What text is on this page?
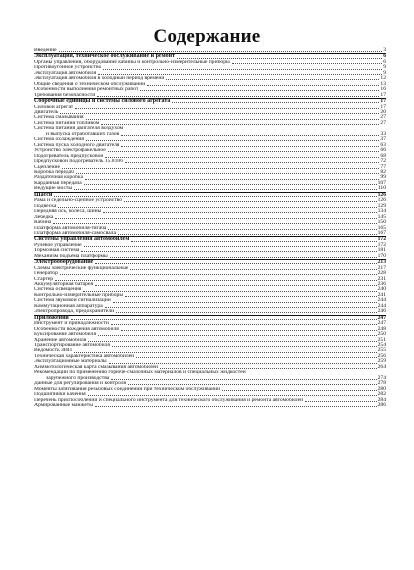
Содержание
Введение	3
Эксплуатация, техническое обслуживание и ремонт	6
Органы управления, оборудование кабины и контрольно-измерительные приборы	6
Противоугонное устройство	9
Эксплуатация автомобиля	9
Эксплуатация автомобиля в холодный период времени	12
Общие сведения о техническом обслуживании	13
Особенности выполнения ремонтных работ	16
Требования безопасности	17
Сборочные единицы и системы силового агрегата	17
Силовой агрегат	17
Двигатель	20
Система смазывания	27
Система питания топливом	27
Система питания двигателя воздухом
и выпуска отработавших газов	33
Система охлаждения	37
Система пуска холодного двигателя	63
Устройство электрофакельное	66
Подогреватель предпусковой	68
Предпусковой подогреватель 15.8106	72
Сцепление	77
Коробка передач	82
Раздаточная коробка	99
Карданная передача	107
Ведущие мосты	110
Шасси	126
Рама и седельно-сцепное устройство	126
Подвеска	129
Передняя ось, колеса, шины	134
Лебедка	145
Кабина	150
Платформа автомобиля-тягача	165
Платформа автомобиля-самосвала	167
Системы управления автомобилем	172
Рулевое управление	172
Тормозная система	181
Механизм подъема платформы	170
Электрооборудование	213
Схемы электрические функциональные	217
Генератор	228
Стартер	231
Аккумуляторная батарея	236
Система освещения	240
Контрольно-измерительные приборы	241
Система звуковой сигнализации	244
Коммутационная аппаратура	244
Электропровода, предохранители	246
Приложения	247
Инструмент и принадлежности	247
Особенности вождения автомобиля	248
Буксирование автомобиля	250
Хранение автомобиля	251
Транспортирование автомобиля	254
Ведомость ЗИП	255
Техническая характеристика автомобилей	256
Эксплуатационные материалы	259
Химмотологическая карта смазывания автомобилей	264
Рекомендации по применению горюче-смазочных материалов и специальных жидкостей
зарубежного производства	274
Данные для регулирования и контроля	278
Моменты затягивания резьбовых соединений при техническом обслуживании	280
Подшипники качения	282
Перечень приспособлений и специального инструмента для технического обслуживания и ремонта автомобилей	284
Армированные манжеты	286
